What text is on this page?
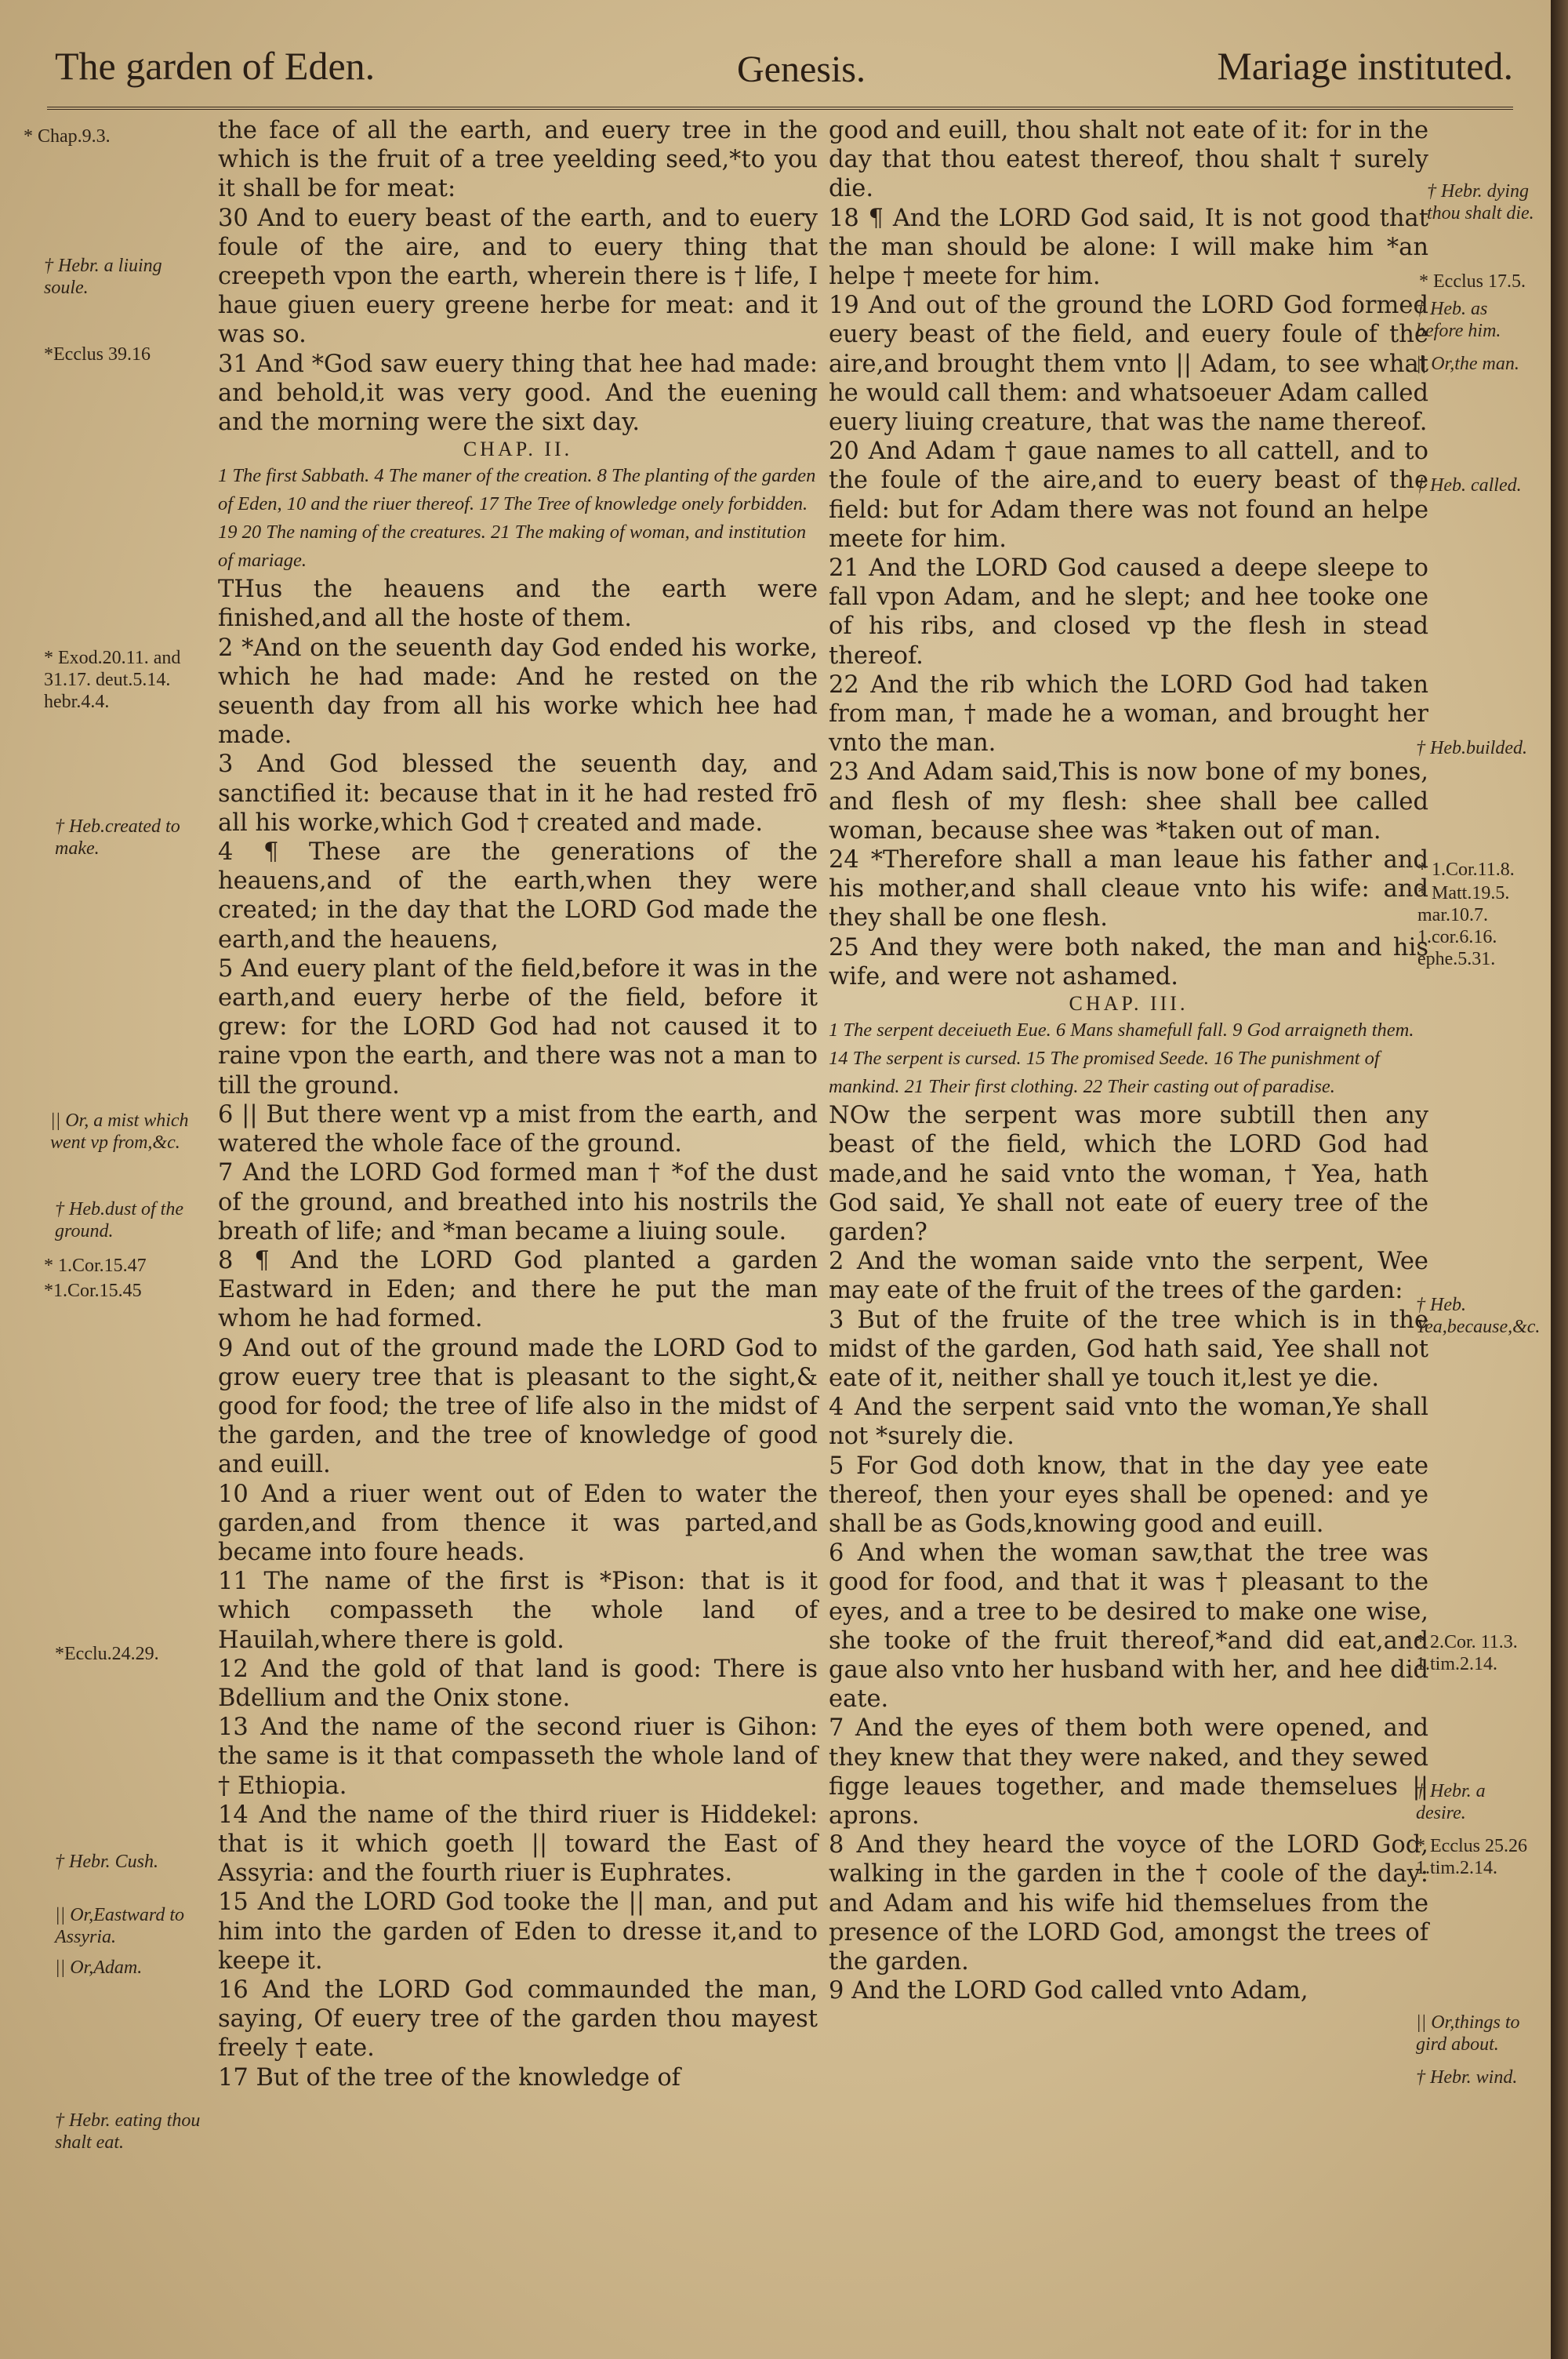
The garden of Eden.	Genesis.	Mariage instituted.

the face of all the earth, and euery tree in the which is the fruit of a tree yeelding seed,*to you it shall be for meat:

30 And to euery beast of the earth, and to euery foule of the aire, and to euery thing that creepeth vpon the earth, wherein there is † life, I haue giuen euery greene herbe for meat: and it was so.

31 And *God saw euery thing that hee had made: and behold,it was very good. And the euening and the morning were the sixt day.

CHAP. II.

1 The first Sabbath. 4 The maner of the creation. 8 The planting of the garden of Eden, 10 and the riuer thereof. 17 The Tree of knowledge onely forbidden. 19 20 The naming of the creatures. 21 The making of woman, and institution of mariage.

THus the heauens and the earth were finished,and all the hoste of them.

2 *And on the seuenth day God ended his worke, which he had made: And he rested on the seuenth day from all his worke which hee had made.

3 And God blessed the seuenth day, and sanctified it: because that in it he had rested frō all his worke,which God † created and made.

4 ¶ These are the generations of the heauens,and of the earth,when they were created; in the day that the LORD God made the earth,and the heauens,

5 And euery plant of the field,before it was in the earth,and euery herbe of the field, before it grew: for the LORD God had not caused it to raine vpon the earth, and there was not a man to till the ground.

6 || But there went vp a mist from the earth, and watered the whole face of the ground.

7 And the LORD God formed man † *of the dust of the ground, and breathed into his nostrils the breath of life; and *man became a liuing soule.

8 ¶ And the LORD God planted a garden Eastward in Eden; and there he put the man whom he had formed.

9 And out of the ground made the LORD God to grow euery tree that is pleasant to the sight,& good for food; the tree of life also in the midst of the garden, and the tree of knowledge of good and euill.

10 And a riuer went out of Eden to water the garden,and from thence it was parted,and became into foure heads.

11 The name of the first is *Pison: that is it which compasseth the whole land of Hauilah,where there is gold.

12 And the gold of that land is good: There is Bdellium and the Onix stone.

13 And the name of the second riuer is Gihon: the same is it that compasseth the whole land of † Ethiopia.

14 And the name of the third riuer is Hiddekel: that is it which goeth || toward the East of Assyria: and the fourth riuer is Euphrates.

15 And the LORD God tooke the || man, and put him into the garden of Eden to dresse it,and to keepe it.

16 And the LORD God commaunded the man, saying, Of euery tree of the garden thou mayest freely † eate.

17 But of the tree of the knowledge of

good and euill, thou shalt not eate of it: for in the day that thou eatest thereof, thou shalt † surely die.

18 ¶ And the LORD God said, It is not good that the man should be alone: I will make him *an helpe † meete for him.

19 And out of the ground the LORD God formed euery beast of the field, and euery foule of the aire,and brought them vnto || Adam, to see what he would call them: and whatsoeuer Adam called euery liuing creature, that was the name thereof.

20 And Adam † gaue names to all cattell, and to the foule of the aire,and to euery beast of the field: but for Adam there was not found an helpe meete for him.

21 And the LORD God caused a deepe sleepe to fall vpon Adam, and he slept; and hee tooke one of his ribs, and closed vp the flesh in stead thereof.

22 And the rib which the LORD God had taken from man, † made he a woman, and brought her vnto the man.

23 And Adam said,This is now bone of my bones, and flesh of my flesh: shee shall bee called woman, because shee was *taken out of man.

24 *Therefore shall a man leaue his father and his mother,and shall cleaue vnto his wife: and they shall be one flesh.

25 And they were both naked, the man and his wife, and were not ashamed.

CHAP. III.

1 The serpent deceiueth Eue. 6 Mans shamefull fall. 9 God arraigneth them. 14 The serpent is cursed. 15 The promised Seede. 16 The punishment of mankind. 21 Their first clothing. 22 Their casting out of paradise.

NOw the serpent was more subtill then any beast of the field, which the LORD God had made,and he said vnto the woman, † Yea, hath God said, Ye shall not eate of euery tree of the garden?

2 And the woman saide vnto the serpent, Wee may eate of the fruit of the trees of the garden:

3 But of the fruite of the tree which is in the midst of the garden, God hath said, Yee shall not eate of it, neither shall ye touch it,lest ye die.

4 And the serpent said vnto the woman,Ye shall not *surely die.

5 For God doth know, that in the day yee eate thereof, then your eyes shall be opened: and ye shall be as Gods,knowing good and euill.

6 And when the woman saw,that the tree was good for food, and that it was † pleasant to the eyes, and a tree to be desired to make one wise, she tooke of the fruit thereof,*and did eat,and gaue also vnto her husband with her, and hee did eate.

7 And the eyes of them both were opened, and they knew that they were naked, and they sewed figge leaues together, and made themselues || aprons.

8 And they heard the voyce of the LORD God, walking in the garden in the † coole of the day: and Adam and his wife hid themselues from the presence of the LORD God, amongst the trees of the garden.

9 And the LORD God called vnto Adam,

* Chap.9.3.
† Hebr. a liuing soule.
*Ecclus 39.16
* Exod.20.11. and 31.17. deut.5.14. hebr.4.4.
† Heb.created to make.
|| Or, a mist which went vp from,&c.
† Heb.dust of the ground.
* 1.Cor.15.47
*1.Cor.15.45
*Ecclu.24.29.
† Hebr. Cush.
|| Or,Eastward to Assyria.
|| Or,Adam.
† Hebr. eating thou shalt eat.
† Hebr. dying thou shalt die.
* Ecclus 17.5.
† Heb. as before him.
|| Or,the man.
† Heb. called.
† Heb.builded.
* 1.Cor.11.8.
* Matt.19.5. mar.10.7. 1.cor.6.16. ephe.5.31.
† Heb. Yea,because,&c.
* 2.Cor. 11.3. 1.tim.2.14.
† Hebr. a desire.
* Ecclus 25.26 1.tim.2.14.
|| Or,things to gird about.
† Hebr. wind.
